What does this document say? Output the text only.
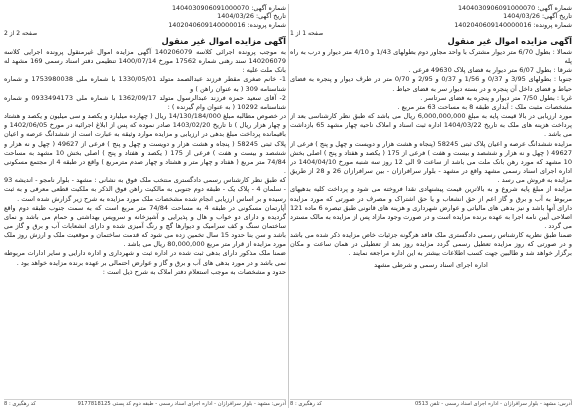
شماره آگهی: 1404030906091000070
تاریخ آگهی: 1404/03/26
شماره پرونده: 1402040609140000016
صفحه 1 از 1
آگهی مزایده اموال غیر منقول

شمالا : بطول 6/70 متر دیوار مشترک با واحد مجاور دوم بطولهای 1/43 و 4/10 متر دیوار و درب به راه پله

شرقا : بطول 6/07 متر دیوار به فضای پلاک 49630 فرعی .

جنوبا : بطولهای 3/95 و 0/37 و 1/56 و 0/37 و 2/95 و 0/70 متر در طرف دیوار و پنجره به فضای حیاط و فضای داخل آن پنجره و در بسته دیوار سر به فضای حیاط .

غربا : بطول 7/50 متر دیوار و پنجره به فضای سرتاسر .

مشخصات مثبت ملک : آبداری طبقه 8 به مساحت 63 متر مربع .

مورد ارزیابی در بالا قیمت پایه به مبلغ 6,000,000,000 ریال می باشد که طبق نظر کارشناسی بعد از پرداخت هزینه های ملک به تاریخ 1404/03/22 اداره ثبت اسناد و املاک ناحیه چهار مشهد 65 بازداشت می باشد .

مزایده ششدانگ عرصه و اعیان پلاک ثبتی 58245 (پنجاه و هشت هزار و دویست و چهل و پنج ) فرعی از 49627 ( چهل و نه هزار و ششصد و بیست و هفت ) فرعی از 175 ( یکصد و هفتاد و پنج ) اصلی بخش 10 مشهد که مورد رهن بانک ملت می باشد از ساعت 9 الی 12 روز سه شنبه مورخ 1404/04/10 در اداره اجرای اسناد رسمی مشهد واقع در مشهد - بلوار سرافرازان - بین سرافرازان 26 و 28 از طریق مزایده به فروش می رسد .

مزایده از مبلغ پایه شروع و به بالاترین قیمت پیشنهادی نقدا فروخته می شود و پرداخت کلیه بدهیهای مربوط به آب و برق و گاز اعم از حق انشعاب و یا حق اشتراک و مصرف در صورتی که مورد مزایده دارای آنها باشد و نیز بدهی های مالیاتی و عوارض شهرداری و هزینه های قانونی طبق تبصره 6 ماده 121 اصلاحی آیین نامه اجرا به عهده برنده مزایده است و در صورت وجود مازاد پس از مزایده به مالک مسترد می گردد .

ضمنا طبق نظریه کارشناس رسمی دادگستری ملک فاقد هرگونه جزئیات خاص مزایده ذکر شده می باشد و در صورتی که روز مزایده تعطیل رسمی گردد مزایده روز بعد از تعطیلی در همان ساعت و مکان برگزار خواهد شد و طالبین جهت کسب اطلاعات بیشتر به این اداره مراجعه نمایند .

اداره اجرای اسناد رسمی و شرطی مشهد
آدرس: مشهد - بلوار سرافرازان - اداره اجرای اسناد رسمی - تلفن 0513
کد رهگیری : 8
شماره آگهی: 1404030906091000070
تاریخ آگهی: 1404/03/26
شماره پرونده: 1402040609140000016
صفحه 2 از 2
آگهی مزایده اموال غیر منقول

به موجب پرونده اجرائی کلاسه 140206079 آگهی مزایده اموال غیرمنقول پرونده اجرایی کلاسه 140206079 سند رهنی شماره 17562 مورخ 1400/07/14 تنظیمی دفتر اسناد رسمی 169 مشهد له بانک ملت علیه :

1- خانم صغری مقطر فرزند عبدالصمد متولد 1330/05/01 با شماره ملی 1753980038 و شماره شناسنامه 309 ( به عنوان راهن ) و

2- آقای سعید حمزه فرزند عبدالرسول متولد 1362/09/17 با شماره ملی 0933494173 و شماره شناسنامه 10292 ( به عنوان وام گیرنده ) :

در خصوص مطالبه مبلغ 14/130/184/000 ریال ( چهارده میلیارد و یکصد و سی میلیون و یکصد و هشتاد و چهار هزار ریال ) تا تاریخ 1403/02/20 صادر نموده که پس از ابلاغ اجرائیه در مورخ 1402/06/05 و باقیمانده پرداخت مبلغ بدهی در ارزیابی و مزایده موارد وثیقه به عبارت است از ششدانگ عرصه و اعیان پلاک ثبتی 58245 ( پنجاه و هشت هزار و دویست و چهل و پنج ) فرعی از 49627 ( چهل و نه هزار و ششصد و بیست و هفت ) فرعی از 175 ( یکصد و هفتاد و پنج ) اصلی بخش 10 مشهد به مساحت 74/84 متر مربع ( هفتاد و چهار متر و هشتاد و چهار صدم مترمربع ) واقع در طبقه 4 از مجتمع مسکونی .

که طبق نظر کارشناس رسمی دادگستری منتخب ملک فوق به نشانی : مشهد - بلوار نامجو - اندیشه 93 - سلمان 4 - پلاک یک - طبقه دوم جنوبی به مالکیت راهن فوق الذکر به ملکیت قطعی معرفی و به ثبت رسیده و بر اساس ارزیابی انجام شده مشخصات ملک مورد مزایده به شرح زیر گزارش شده است .

آپارتمان مسکونی در طبقه 4 به مساحت 74/84 متر مربع است که به سمت جنوب طبقه دوم واقع گردیده و دارای دو خواب و هال و پذیرایی و آشپزخانه و سرویس بهداشتی و حمام می باشد و نمای ساختمان سنگ و کف سرامیک و دیوارها گچ و رنگ آمیزی شده و دارای انشعابات آب و برق و گاز می باشد و سن بنا حدود 15 سال تخمین زده می شود که قدمت ساختمان و موقعیت ملک و ارزش روز ملک مورد مزایده از قرار متر مربع 80,000,000 ریال می باشد .

ضمنا ملک مذکور دارای بدهی ثبت شده در اداره ثبت و شهرداری و اداره دارایی و سایر ادارات مربوطه نمی باشد و در مورد بدهی های آب و برق و گاز و عوارض احتمالی بر عهده برنده مزایده خواهد بود .

حدود و مشخصات به موجب استعلام دفتر املاک به شرح ذیل است :

آدرس: مشهد - بلوار سرافرازان - اداره اجرای اسناد رسمی - طبقه دوم کد پستی 9177818125
کد رهگیری : 8
